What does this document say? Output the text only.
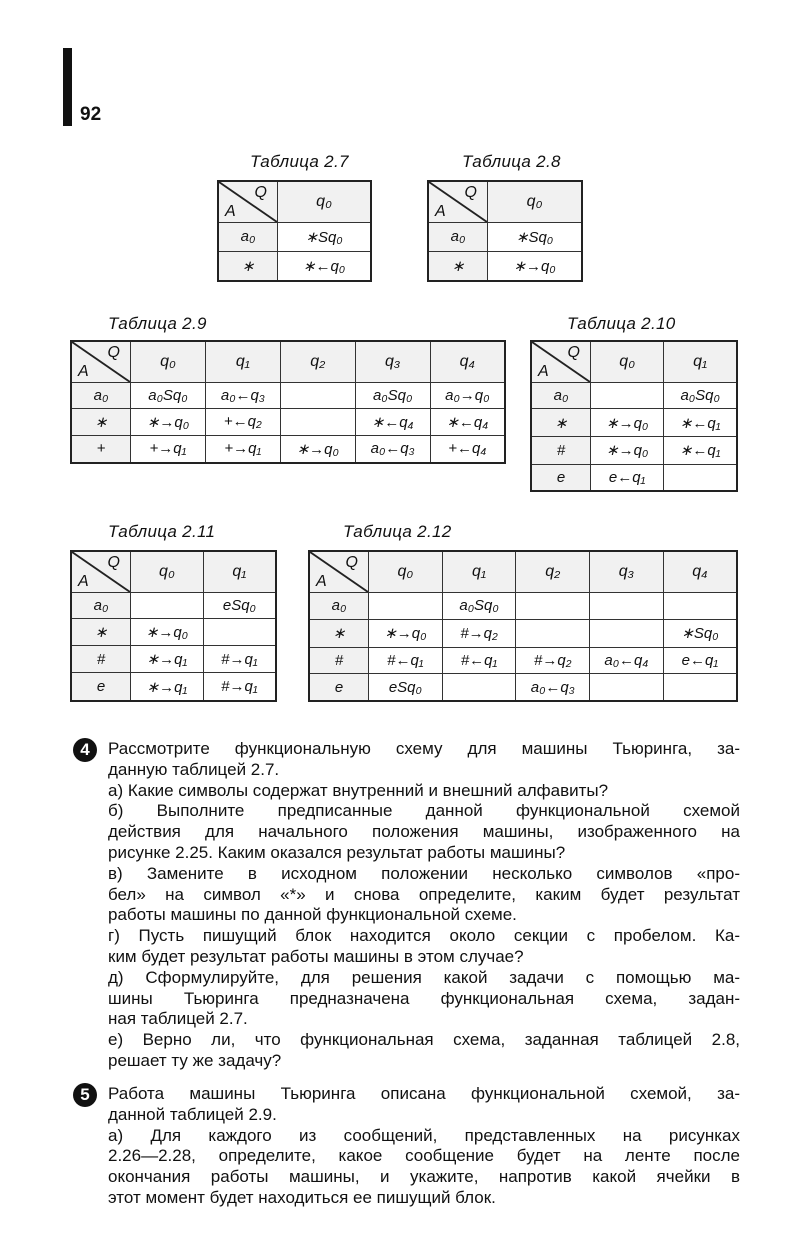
92
Таблица 2.7
Q
A	q₀
a₀	∗Sq₀
∗	∗←q₀
Таблица 2.8
Q
A	q₀
a₀	∗Sq₀
∗	∗→q₀
Таблица 2.9
Q
A	q₀	q₁	q₂	q₃	q₄
a₀	a₀Sq₀	a₀←q₃		a₀Sq₀	a₀→q₀
∗	∗→q₀	+←q₂		∗←q₄	∗←q₄
+	+→q₁	+→q₁	∗→q₀	a₀←q₃	+←q₄
Таблица 2.10
Q
A	q₀	q₁
a₀		a₀Sq₀
∗	∗→q₀	∗←q₁
#	∗→q₀	∗←q₁
e	e←q₁	
Таблица 2.11
Q
A	q₀	q₁
a₀		eSq₀
∗	∗→q₀	
#	∗→q₁	#→q₁
e	∗→q₁	#→q₁
Таблица 2.12
Q
A	q₀	q₁	q₂	q₃	q₄
a₀		a₀Sq₀			
∗	∗→q₀	#→q₂			∗Sq₀
#	#←q₁	#←q₁	#→q₂	a₀←q₄	e←q₁
e	eSq₀		a₀←q₃		
4	Рассмотрите функциональную схему для машины Тьюринга, за-
данную таблицей 2.7.
а) Какие символы содержат внутренний и внешний алфавиты?
б) Выполните предписанные данной функциональной схемой
действия для начального положения машины, изображенного на
рисунке 2.25. Каким оказался результат работы машины?
в) Замените в исходном положении несколько символов «про-
бел» на символ «*» и снова определите, каким будет результат
работы машины по данной функциональной схеме.
г) Пусть пишущий блок находится около секции с пробелом. Ка-
ким будет результат работы машины в этом случае?
д) Сформулируйте, для решения какой задачи с помощью ма-
шины Тьюринга предназначена функциональная схема, задан-
ная таблицей 2.7.
е) Верно ли, что функциональная схема, заданная таблицей 2.8,
решает ту же задачу?
5	Работа машины Тьюринга описана функциональной схемой, за-
данной таблицей 2.9.
а) Для каждого из сообщений, представленных на рисунках
2.26—2.28, определите, какое сообщение будет на ленте после
окончания работы машины, и укажите, напротив какой ячейки в
этот момент будет находиться ее пишущий блок.
